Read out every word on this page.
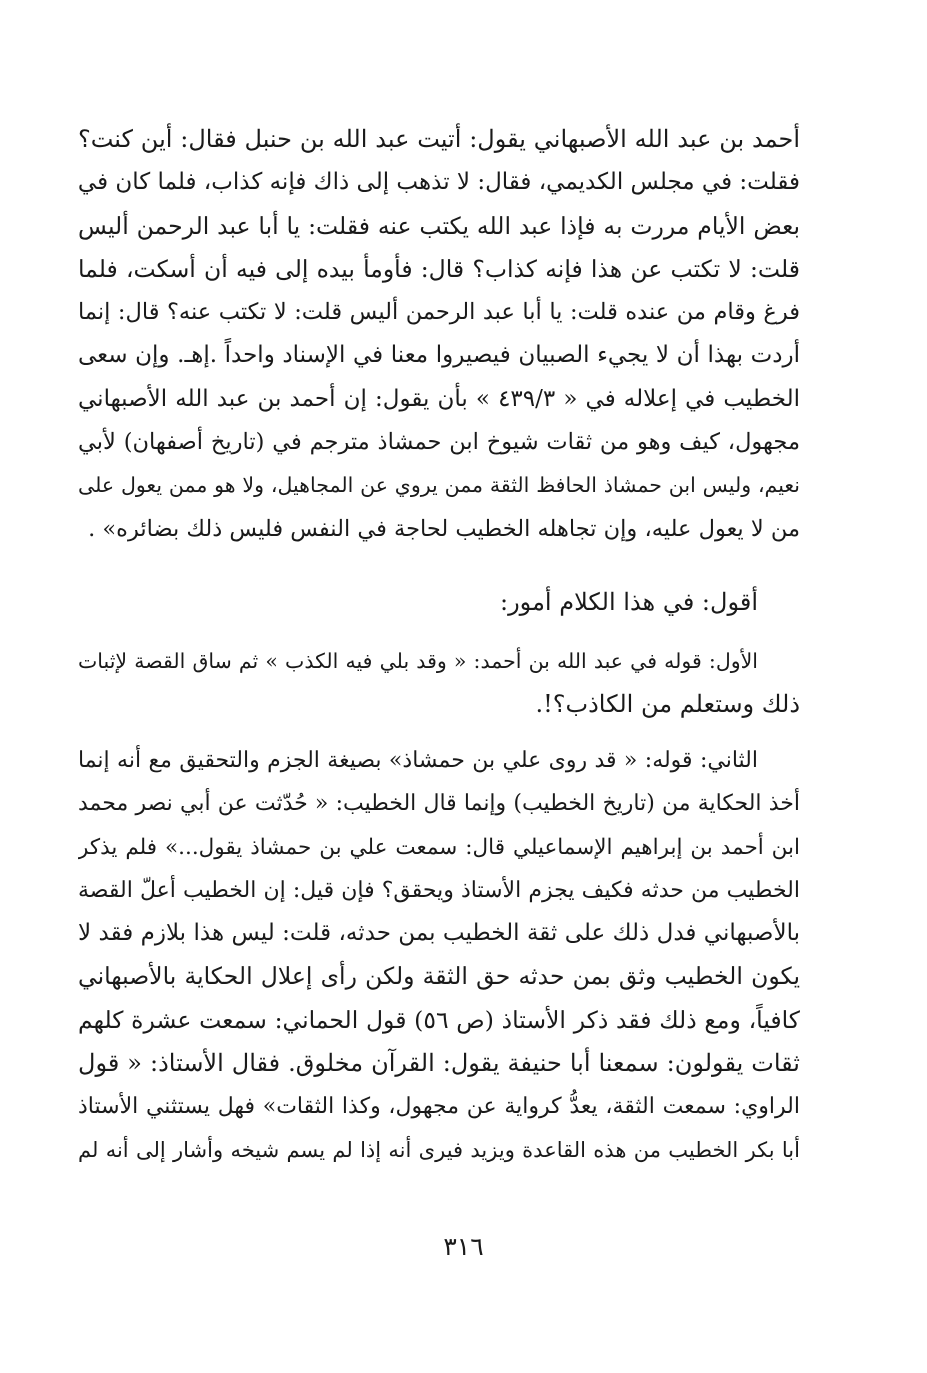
أحمد بن عبد الله الأصبهاني يقول: أتيت عبد الله بن حنبل فقال: أين كنت؟
فقلت: في مجلس الكديمي، فقال: لا تذهب إلى ذاك فإنه كذاب، فلما كان في
بعض الأيام مررت به فإذا عبد الله يكتب عنه فقلت: يا أبا عبد الرحمن أليس
قلت: لا تكتب عن هذا فإنه كذاب؟ قال: فأومأ بيده إلى فيه أن أسكت، فلما
فرغ وقام من عنده قلت: يا أبا عبد الرحمن أليس قلت: لا تكتب عنه؟ قال: إنما
أردت بهذا أن لا يجيء الصبيان فيصيروا معنا في الإسناد واحداً .إهـ. وإن سعى
الخطيب في إعلاله في « ٤٣٩/٣ » بأن يقول: إن أحمد بن عبد الله الأصبهاني
مجهول، كيف وهو من ثقات شيوخ ابن حمشاذ مترجم في (تاريخ أصفهان) لأبي
نعيم، وليس ابن حمشاذ الحافظ الثقة ممن يروي عن المجاهيل، ولا هو ممن يعول على
من لا يعول عليه، وإن تجاهله الخطيب لحاجة في النفس فليس ذلك بضائره» .
أقول: في هذا الكلام أمور:
الأول: قوله في عبد الله بن أحمد: « وقد بلي فيه الكذب » ثم ساق القصة لإثبات
ذلك وستعلم من الكاذب؟!.
الثاني: قوله: « قد روى علي بن حمشاذ» بصيغة الجزم والتحقيق مع أنه إنما
أخذ الحكاية من (تاريخ الخطيب) وإنما قال الخطيب: « حُدّثت عن أبي نصر محمد
ابن أحمد بن إبراهيم الإسماعيلي قال: سمعت علي بن حمشاذ يقول...» فلم يذكر
الخطيب من حدثه فكيف يجزم الأستاذ ويحقق؟ فإن قيل: إن الخطيب أعلّ القصة
بالأصبهاني فدل ذلك على ثقة الخطيب بمن حدثه، قلت: ليس هذا بلازم فقد لا
يكون الخطيب وثق بمن حدثه حق الثقة ولكن رأى إعلال الحكاية بالأصبهاني
كافياً، ومع ذلك فقد ذكر الأستاذ (ص ٥٦) قول الحماني: سمعت عشرة كلهم
ثقات يقولون: سمعنا أبا حنيفة يقول: القرآن مخلوق. فقال الأستاذ: « قول
الراوي: سمعت الثقة، يعدُّ كرواية عن مجهول، وكذا الثقات» فهل يستثني الأستاذ
أبا بكر الخطيب من هذه القاعدة ويزيد فيرى أنه إذا لم يسم شيخه وأشار إلى أنه لم
٣١٦
